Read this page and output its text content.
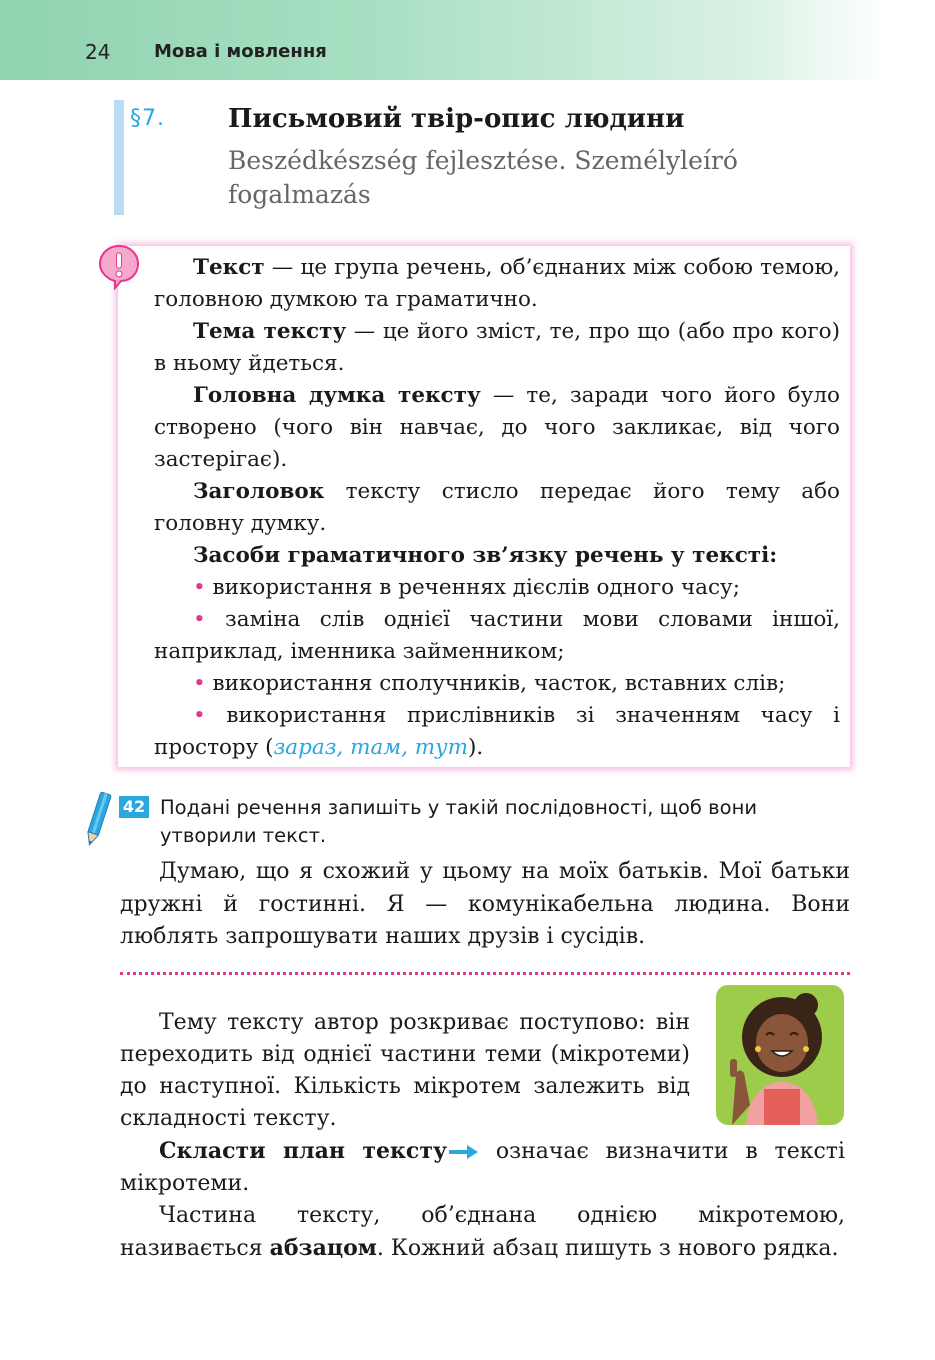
24 Мова і мовлення
§7. Письмовий твір-опис людини
Beszédkészség fejlesztése. Személyleíró fogalmazás

Текст — це група речень, об’єднаних між собою темою, головною думкою та граматично.

Тема тексту — це його зміст, те, про що (або про кого) в ньому йдеться.

Головна думка тексту — те, заради чого його було створено (чого він навчає, до чого закликає, від чого застерігає).

Заголовок тексту стисло передає його тему або головну думку.

Засоби граматичного зв’язку речень у тексті:

• використання в реченнях дієслів одного часу;

• заміна слів однієї частини мови словами іншої, наприклад, іменника займенником;

• використання сполучників, часток, вставних слів;

• використання прислівників зі значенням часу і простору (зараз, там, тут).

42 Подані речення запишіть у такій послідовності, щоб вони утворили текст.

Думаю, що я схожий у цьому на моїх батьків. Мої батьки дружні й гостинні. Я — комунікабельна людина. Вони люблять запрошувати наших друзів і сусідів.

Тему тексту автор розкриває поступово: він переходить від однієї частини теми (мікротеми) до наступної. Кількість мікротем залежить від складності тексту.

Скласти план тексту означає визначити в тексті мікротеми.

Частина тексту, об’єднана однією мікротемою, називається абзацом. Кожний абзац пишуть з нового рядка.
